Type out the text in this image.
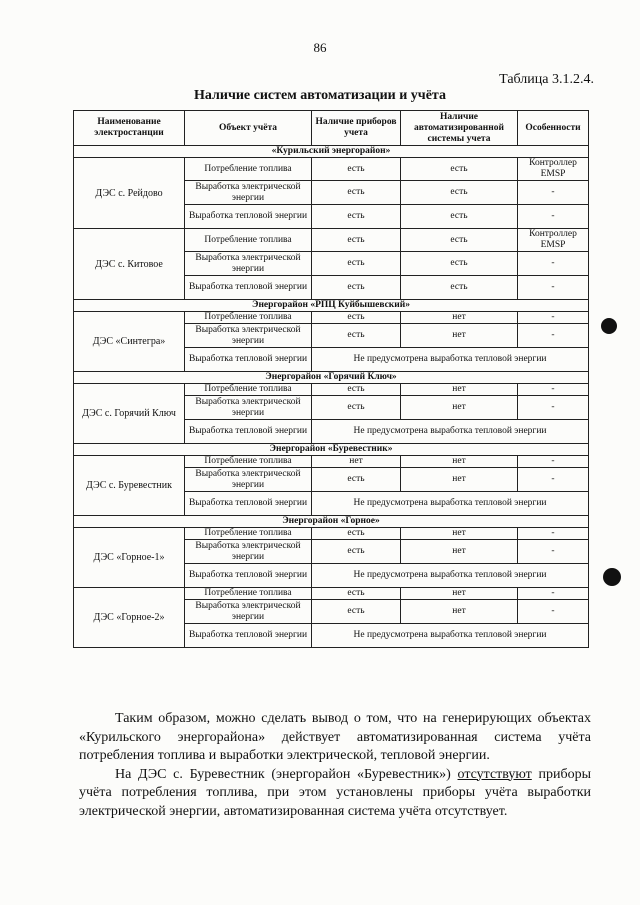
86
Таблица 3.1.2.4.
Наличие систем автоматизации и учёта
Наименование электростанции	Объект учёта	Наличие приборов учета	Наличие автоматизированной системы учета	Особенности
«Курильский энергорайон»				
ДЭС с. Рейдово	Потребление топлива	есть	есть	Контроллер EMSP
	Выработка электрической энергии	есть	есть	-
	Выработка тепловой энергии	есть	есть	-
ДЭС с. Китовое	Потребление топлива	есть	есть	Контроллер EMSP
	Выработка электрической энергии	есть	есть	-
	Выработка тепловой энергии	есть	есть	-
Энергорайон «РПЦ Куйбышевский»				
ДЭС «Синтегра»	Потребление топлива	есть	нет	-
	Выработка электрической энергии	есть	нет	-
	Выработка тепловой энергии	Не предусмотрена выработка тепловой энергии		
Энергорайон «Горячий Ключ»				
ДЭС с. Горячий Ключ	Потребление топлива	есть	нет	-
	Выработка электрической энергии	есть	нет	-
	Выработка тепловой энергии	Не предусмотрена выработка тепловой энергии		
Энергорайон «Буревестник»				
ДЭС с. Буревестник	Потребление топлива	нет	нет	-
	Выработка электрической энергии	есть	нет	-
	Выработка тепловой энергии	Не предусмотрена выработка тепловой энергии		
Энергорайон «Горное»				
ДЭС «Горное-1»	Потребление топлива	есть	нет	-
	Выработка электрической энергии	есть	нет	-
	Выработка тепловой энергии	Не предусмотрена выработка тепловой энергии		
ДЭС «Горное-2»	Потребление топлива	есть	нет	-
	Выработка электрической энергии	есть	нет	-
	Выработка тепловой энергии	Не предусмотрена выработка тепловой энергии		

Таким образом, можно сделать вывод о том, что на генерирующих объектах «Курильского энергорайона» действует автоматизированная система учёта потребления топлива и выработки электрической, тепловой энергии.

На ДЭС с. Буревестник (энергорайон «Буревестник») отсутствуют приборы учёта потребления топлива, при этом установлены приборы учёта выработки электрической энергии, автоматизированная система учёта отсутствует.
